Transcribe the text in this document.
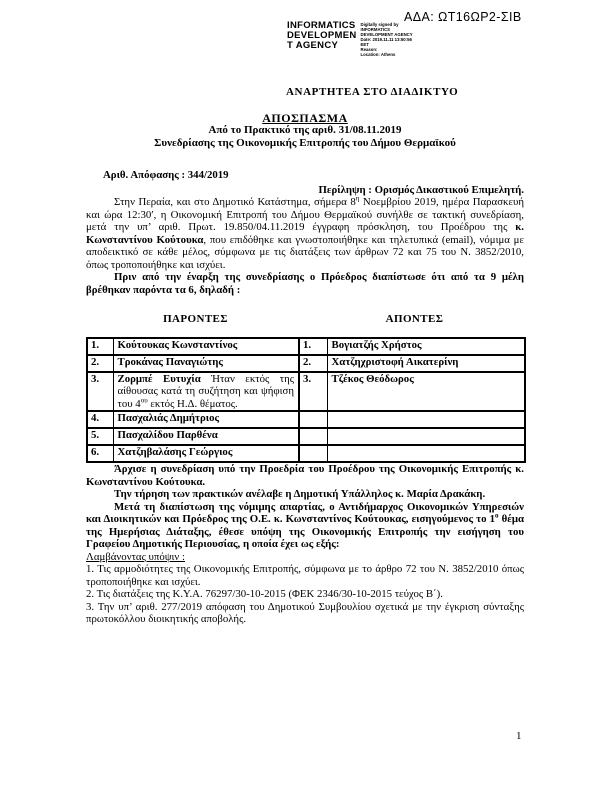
ΑΔΑ: ΩΤ16ΩΡ2-ΣΙΒ
INFORMATICS
DEVELOPMEN
T AGENCY
Digitally signed by
INFORMATICS
DEVELOPMENT AGENCY
Date: 2019.11.11 13:50:56
EET
Reason:
Location: Athens
ΑΝΑΡΤΗΤΕΑ ΣΤΟ ΔΙΑΔΙΚΤΥΟ
ΑΠΟΣΠΑΣΜΑ
Από το Πρακτικό της αριθ. 31/08.11.2019
Συνεδρίασης της Οικονομικής Επιτροπής του Δήμου Θερμαϊκού
Αριθ. Απόφασης : 344/2019
Περίληψη : Ορισμός Δικαστικού Επιμελητή.

Στην Περαία, και στο Δημοτικό Κατάστημα, σήμερα $8^\eta$ Νοεμβρίου 2019, ημέρα Παρασκευή και ώρα 12:30′, η Οικονομική Επιτροπή του Δήμου Θερμαϊκού συνήλθε σε τακτική συνεδρίαση, μετά την υπ’ αριθ. Πρωτ. 19.850/04.11.2019 έγγραφη πρόσκληση, του Προέδρου της κ. Κωνσταντίνου Κούτουκα, που επιδόθηκε και γνωστοποιήθηκε και τηλετυπικά (email), νόμιμα με αποδεικτικό σε κάθε μέλος, σύμφωνα με τις διατάξεις των άρθρων 72 και 75 του Ν. 3852/2010, όπως τροποποιήθηκε και ισχύει.

Πριν από την έναρξη της συνεδρίασης ο Πρόεδρος διαπίστωσε ότι από τα 9 μέλη βρέθηκαν παρόντα τα 6, δηλαδή :

ΠΑΡΟΝΤΕΣ	ΑΠΟΝΤΕΣ
1.	Κούτουκας Κωνσταντίνος	1.	Βογιατζής Χρήστος
2.	Τροκάνας Παναγιώτης	2.	Χατζηχριστοφή Αικατερίνη
3.	Ζορμπέ Ευτυχία Ήταν εκτός της αίθουσας κατά τη συζήτηση και ψήφιση του $4^{o\upsilon}$ εκτός Η.Δ. θέματος.	3.	Τζέκος Θεόδωρος
4.	Πασχαλιάς Δημήτριος		
5.	Πασχαλίδου Παρθένα		
6.	Χατζηβαλάσης Γεώργιος		

Άρχισε η συνεδρίαση υπό την Προεδρία του Προέδρου της Οικονομικής Επιτροπής κ. Κωνσταντίνου Κούτουκα.

Την τήρηση των πρακτικών ανέλαβε η Δημοτική Υπάλληλος κ. Μαρία Δρακάκη.

Μετά τη διαπίστωση της νόμιμης απαρτίας, ο Αντιδήμαρχος Οικονομικών Υπηρεσιών και Διοικητικών και Πρόεδρος της Ο.Ε. κ. Κωνσταντίνος Κούτουκας, εισηγούμενος το $1^o$ θέμα της Ημερήσιας Διάταξης, έθεσε υπόψη της Οικονομικής Επιτροπής την εισήγηση του Γραφείου Δημοτικής Περιουσίας, η οποία έχει ως εξής:

Λαμβάνοντας υπόψιν :

1. Τις αρμοδιότητες της Οικονομικής Επιτροπής, σύμφωνα με το άρθρο 72 του Ν. 3852/2010 όπως τροποποιήθηκε και ισχύει.

2. Τις διατάξεις της Κ.Υ.Α. 76297/30-10-2015 (ΦΕΚ 2346/30-10-2015 τεύχος Β΄).

3. Την υπ’ αριθ. 277/2019 απόφαση του Δημοτικού Συμβουλίου σχετικά με την έγκριση σύνταξης πρωτοκόλλου διοικητικής αποβολής.

1
